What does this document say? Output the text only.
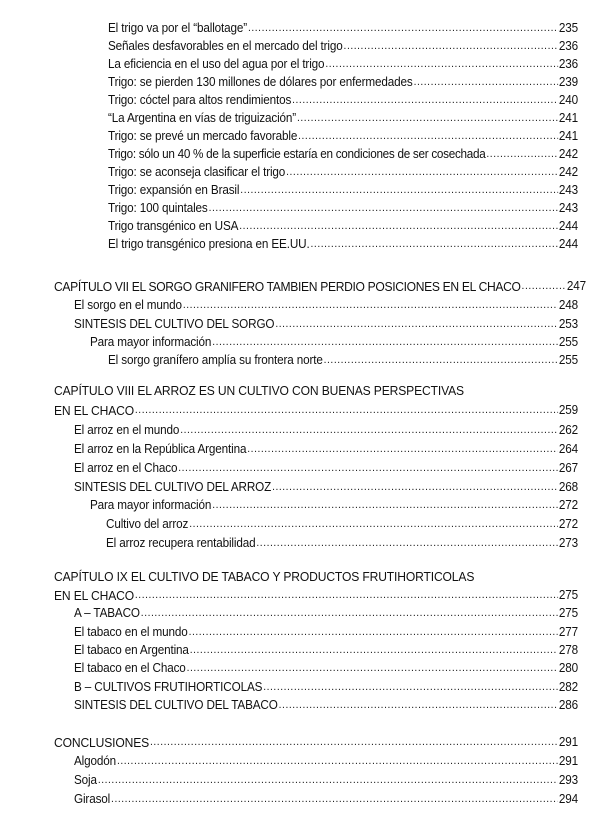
El trigo va por el “ballotage” .....	235
Señales desfavorables en el mercado del trigo .....	236
La eficiencia en el uso del agua por el trigo .....	236
Trigo: se pierden 130 millones de dólares por enfermedades .....	239
Trigo: cóctel para altos rendimientos .....	240
“La Argentina en vías de triguización” .....	241
Trigo: se prevé un mercado favorable .....	241
Trigo: sólo un 40 % de la superficie estaría en condiciones de ser cosechada .....	242
Trigo: se aconseja clasificar el trigo .....	242
Trigo: expansión en Brasil .....	243
Trigo: 100 quintales .....	243
Trigo transgénico en USA .....	244
El trigo transgénico presiona en EE.UU. .....	244
CAPÍTULO VII EL SORGO GRANIFERO TAMBIEN PERDIO POSICIONES EN EL CHACO .....	247
El sorgo en el mundo .....	248
SINTESIS DEL CULTIVO DEL SORGO .....	253
Para mayor información .....	255
El sorgo granífero amplía su frontera norte .....	255
CAPÍTULO VIII EL ARROZ ES UN CULTIVO CON BUENAS PERSPECTIVAS
EN EL CHACO .....	259
El arroz en el mundo .....	262
El arroz en la República Argentina .....	264
El arroz en el Chaco .....	267
SINTESIS DEL CULTIVO DEL ARROZ .....	268
Para mayor información .....	272
Cultivo del arroz .....	272
El arroz recupera rentabilidad .....	273
CAPÍTULO IX EL CULTIVO DE TABACO Y PRODUCTOS FRUTIHORTICOLAS
EN EL CHACO .....	275
A – TABACO .....	275
El tabaco en el mundo .....	277
El tabaco en Argentina .....	278
El tabaco en el Chaco .....	280
B – CULTIVOS FRUTIHORTICOLAS .....	282
SINTESIS DEL CULTIVO DEL TABACO .....	286
CONCLUSIONES .....	291
Algodón .....	291
Soja .....	293
Girasol .....	294
